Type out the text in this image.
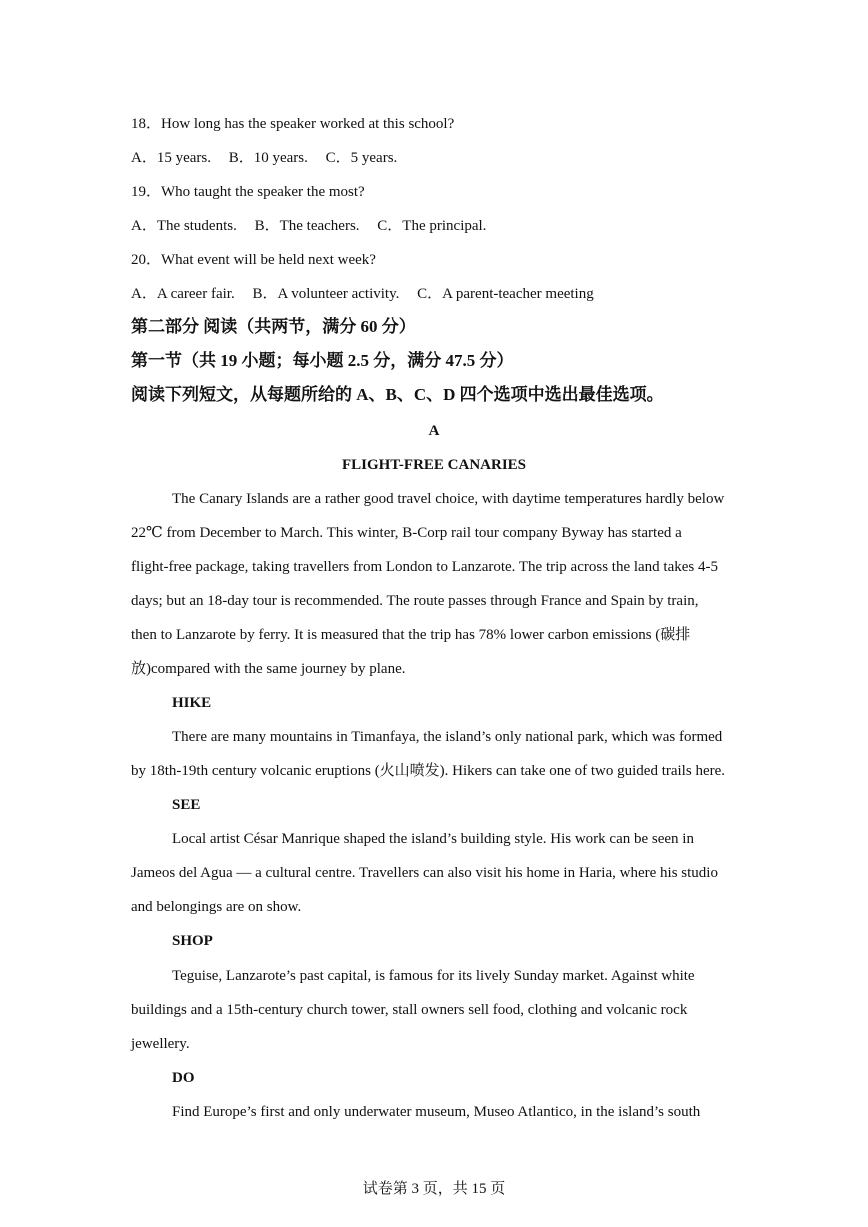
18．How long has the speaker worked at this school?
A．15 years. B．10 years. C．5 years.
19．Who taught the speaker the most?
A．The students. B．The teachers. C．The principal.
20．What event will be held next week?
A．A career fair. B．A volunteer activity. C．A parent-teacher meeting
第二部分 阅读（共两节，满分 60 分）
第一节（共 19 小题；每小题 2.5 分，满分 47.5 分）
阅读下列短文，从每题所给的 A、B、C、D 四个选项中选出最佳选项。
A
FLIGHT-FREE CANARIES
The Canary Islands are a rather good travel choice, with daytime temperatures hardly below
22℃ from December to March. This winter, B-Corp rail tour company Byway has started a
flight-free package, taking travellers from London to Lanzarote. The trip across the land takes 4-5
days; but an 18-day tour is recommended. The route passes through France and Spain by train,
then to Lanzarote by ferry. It is measured that the trip has 78% lower carbon emissions (碳排
放)compared with the same journey by plane.
HIKE
There are many mountains in Timanfaya, the island’s only national park, which was formed
by 18th-19th century volcanic eruptions (火山喷发). Hikers can take one of two guided trails here.
SEE
Local artist César Manrique shaped the island’s building style. His work can be seen in
Jameos del Agua — a cultural centre. Travellers can also visit his home in Haria, where his studio
and belongings are on show.
SHOP
Teguise, Lanzarote’s past capital, is famous for its lively Sunday market. Against white
buildings and a 15th-century church tower, stall owners sell food, clothing and volcanic rock
jewellery.
DO
Find Europe’s first and only underwater museum, Museo Atlantico, in the island’s south
试卷第 3 页，共 15 页
